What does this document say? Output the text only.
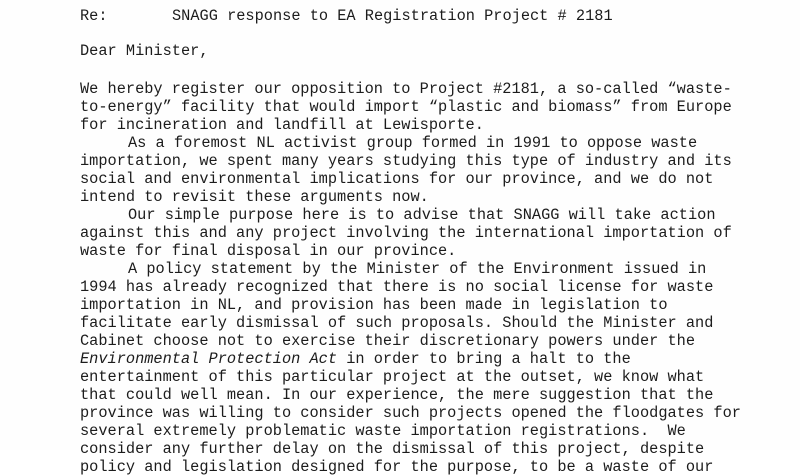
Re:	SNAGG response to EA Registration Project # 2181
Dear Minister,
We hereby register our opposition to Project #2181, a so-called “waste-
to-energy” facility that would import “plastic and biomass” from Europe
for incineration and landfill at Lewisporte.
As a foremost NL activist group formed in 1991 to oppose waste
importation, we spent many years studying this type of industry and its
social and environmental implications for our province, and we do not
intend to revisit these arguments now.
Our simple purpose here is to advise that SNAGG will take action
against this and any project involving the international importation of
waste for final disposal in our province.
A policy statement by the Minister of the Environment issued in
1994 has already recognized that there is no social license for waste
importation in NL, and provision has been made in legislation to
facilitate early dismissal of such proposals. Should the Minister and
Cabinet choose not to exercise their discretionary powers under the
Environmental Protection Act in order to bring a halt to the
entertainment of this particular project at the outset, we know what
that could well mean. In our experience, the mere suggestion that the
province was willing to consider such projects opened the floodgates for
several extremely problematic waste importation registrations.  We
consider any further delay on the dismissal of this project, despite
policy and legislation designed for the purpose, to be a waste of our
